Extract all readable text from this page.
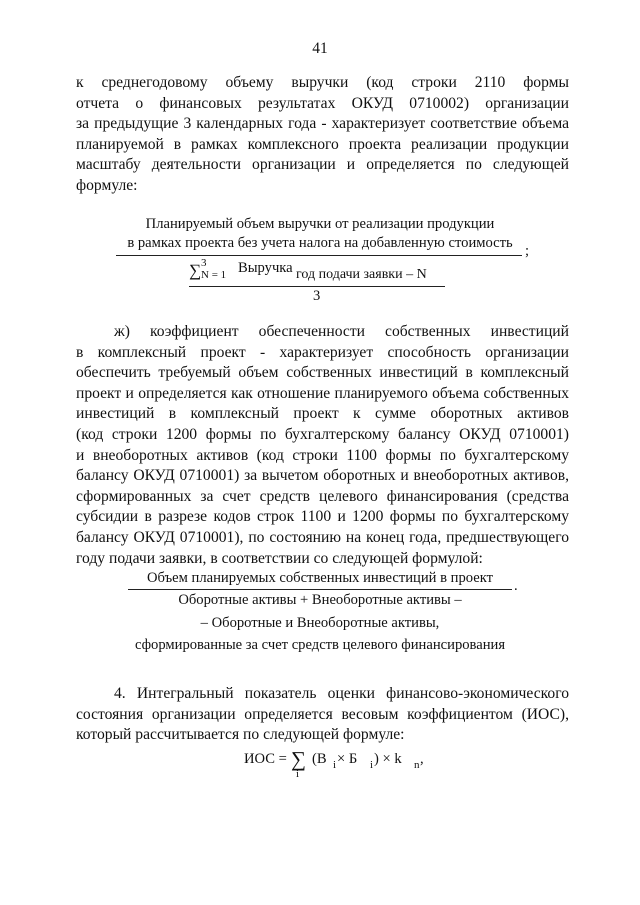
41
к среднегодовому объему выручки (код строки 2110 формы
отчета о финансовых результатах ОКУД 0710002) организации
за предыдущие 3 календарных года - характеризует соответствие объема
планируемой в рамках комплексного проекта реализации продукции
масштабу деятельности организации и определяется по следующей
формуле:
Планируемый объем выручки от реализации продукции
в рамках проекта без учета налога на добавленную стоимость ;
∑ 3
N = 1 Выручка год подачи заявки – N
3
ж) коэффициент обеспеченности собственных инвестиций
в комплексный проект - характеризует способность организации
обеспечить требуемый объем собственных инвестиций в комплексный
проект и определяется как отношение планируемого объема собственных
инвестиций в комплексный проект к сумме оборотных активов
(код строки 1200 формы по бухгалтерскому балансу ОКУД 0710001)
и внеоборотных активов (код строки 1100 формы по бухгалтерскому
балансу ОКУД 0710001) за вычетом оборотных и внеоборотных активов,
сформированных за счет средств целевого финансирования (средства
субсидии в разрезе кодов строк 1100 и 1200 формы по бухгалтерскому
балансу ОКУД 0710001), по состоянию на конец года, предшествующего
году подачи заявки, в соответствии со следующей формулой:
Объем планируемых собственных инвестиций в проект	.
Оборотные активы + Внеоборотные активы –
– Оборотные и Внеоборотные активы,
сформированные за счет средств целевого финансирования
4. Интегральный показатель оценки финансово-экономического
состояния организации определяется весовым коэффициентом (ИОС),
который рассчитывается по следующей формуле:
ИОС = ∑
i
(В i × Б i ) × k n ,
